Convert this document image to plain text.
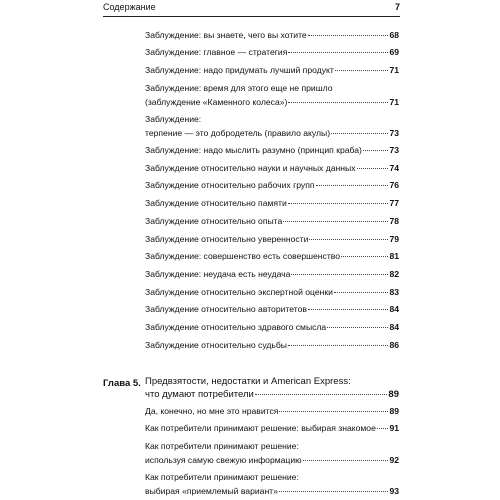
Содержание	7
Заблуждение: вы знаете, чего вы хотите	68
Заблуждение: главное — стратегия	69
Заблуждение: надо придумать лучший продукт	71
Заблуждение: время для этого еще не пришло
(заблуждение «Каменного колеса»)	71
Заблуждение:
терпение — это добродетель (правило акулы)	73
Заблуждение: надо мыслить разумно (принцип краба)	73
Заблуждение относительно науки и научных данных	74
Заблуждение относительно рабочих групп	76
Заблуждение относительно памяти	77
Заблуждение относительно опыта	78
Заблуждение относительно уверенности	79
Заблуждение: совершенство есть совершенство	81
Заблуждение: неудача есть неудача	82
Заблуждение относительно экспертной оценки	83
Заблуждение относительно авторитетов	84
Заблуждение относительно здравого смысла	84
Заблуждение относительно судьбы	86
Глава 5. Предвзятости, недостатки и American Express:
что думают потребители	89
Да, конечно, но мне это нравится	89
Как потребители принимают решение: выбирая знакомое 91
Как потребители принимают решение:
используя самую свежую информацию	92
Как потребители принимают решение:
выбирая «приемлемый вариант»	93
